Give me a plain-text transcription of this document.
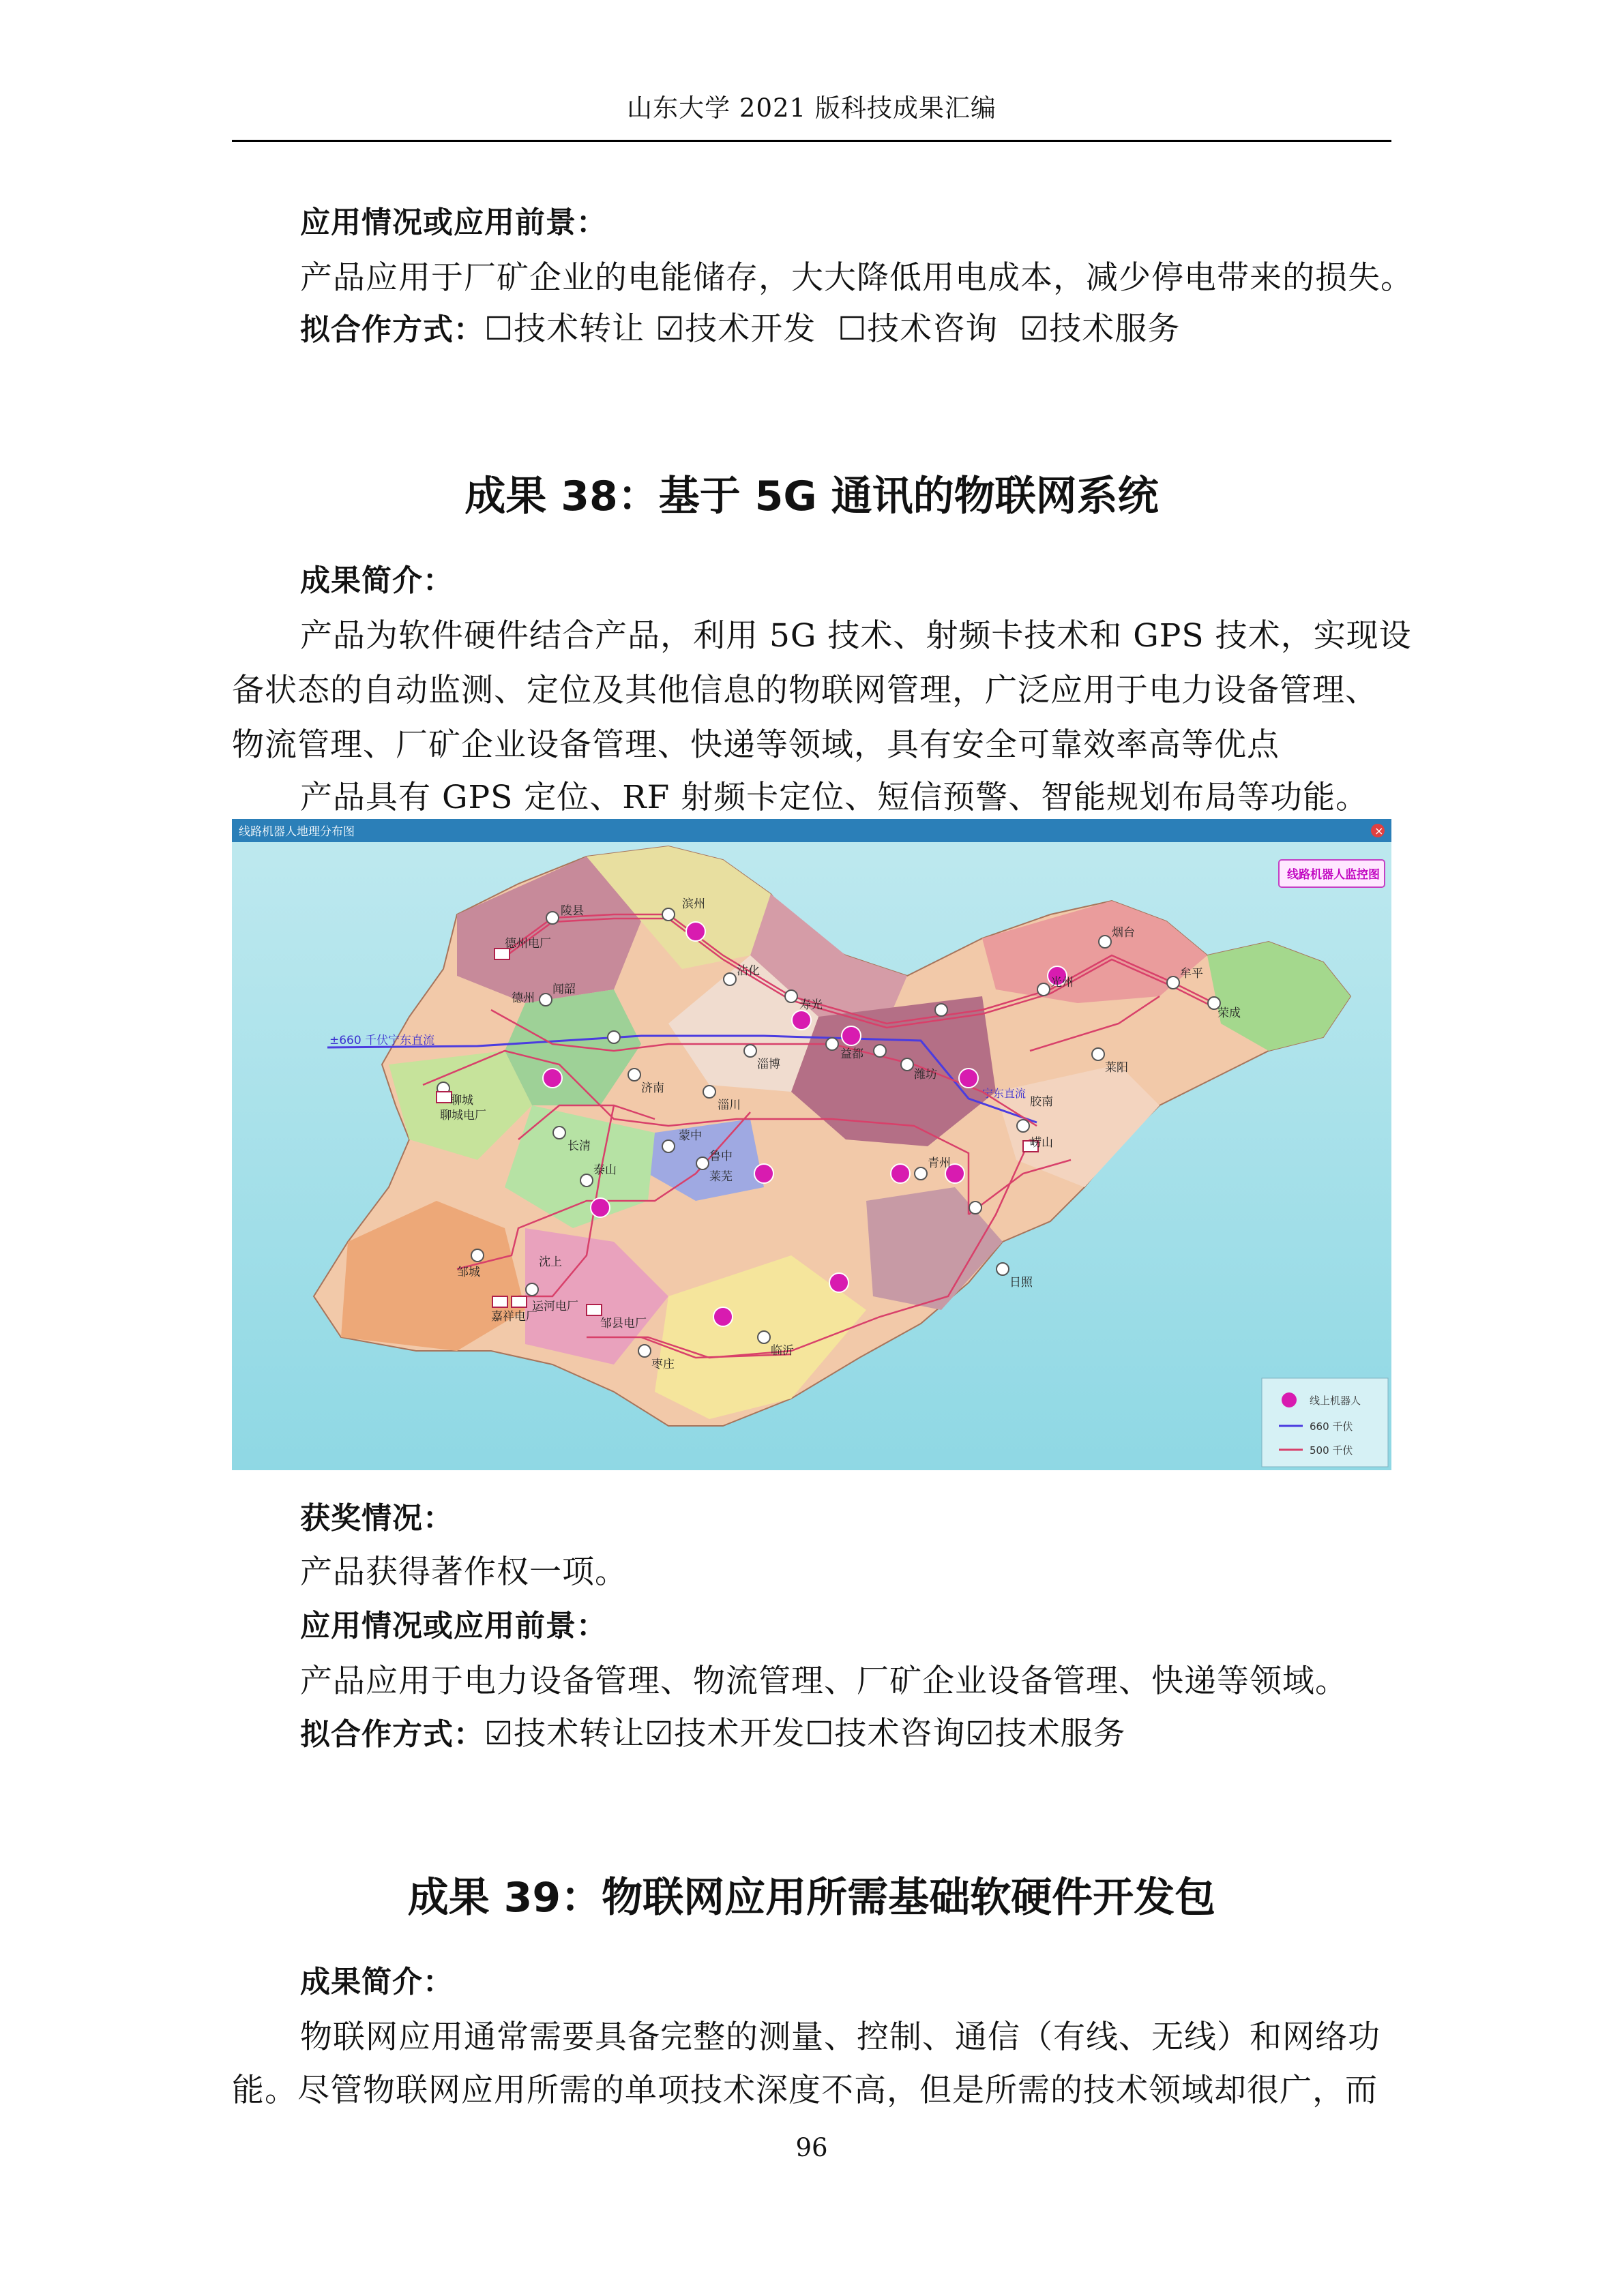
山东大学 2021 版科技成果汇编
应用情况或应用前景：
产品应用于厂矿企业的电能储存，大大降低用电成本，减少停电带来的损失。
拟合作方式：☐技术转让 ☑技术开发  ☐技术咨询  ☑技术服务
成果 38：基于 5G 通讯的物联网系统
成果简介：
产品为软件硬件结合产品，利用 5G 技术、射频卡技术和 GPS 技术，实现设
备状态的自动监测、定位及其他信息的物联网管理，广泛应用于电力设备管理、
物流管理、厂矿企业设备管理、快递等领域，具有安全可靠效率高等优点
产品具有 GPS 定位、RF 射频卡定位、短信预警、智能规划布局等功能。
线路机器人地理分布图	×
线路机器人监控图
±660 千伏宁东直流
宁东直流
线上机器人
660 千伏
500 千伏
德州电厂
陵县	滨州
德州
沾化
闻韶
寿光
光州
烟台
牟平
荣成
聊城
济南
淄博
益都
潍坊	莱阳
长清
淄川
莱芜
泰山	青州
胶南
崂山
聊城电厂
蒙中
鲁中
日照
邹城
沈上
嘉祥电厂
运河电厂
邹县电厂
枣庄
临沂
获奖情况：
产品获得著作权一项。
应用情况或应用前景：
产品应用于电力设备管理、物流管理、厂矿企业设备管理、快递等领域。
拟合作方式：☑技术转让☑技术开发☐技术咨询☑技术服务
成果 39：物联网应用所需基础软硬件开发包
成果简介：
物联网应用通常需要具备完整的测量、控制、通信（有线、无线）和网络功
能。尽管物联网应用所需的单项技术深度不高，但是所需的技术领域却很广，而
96
